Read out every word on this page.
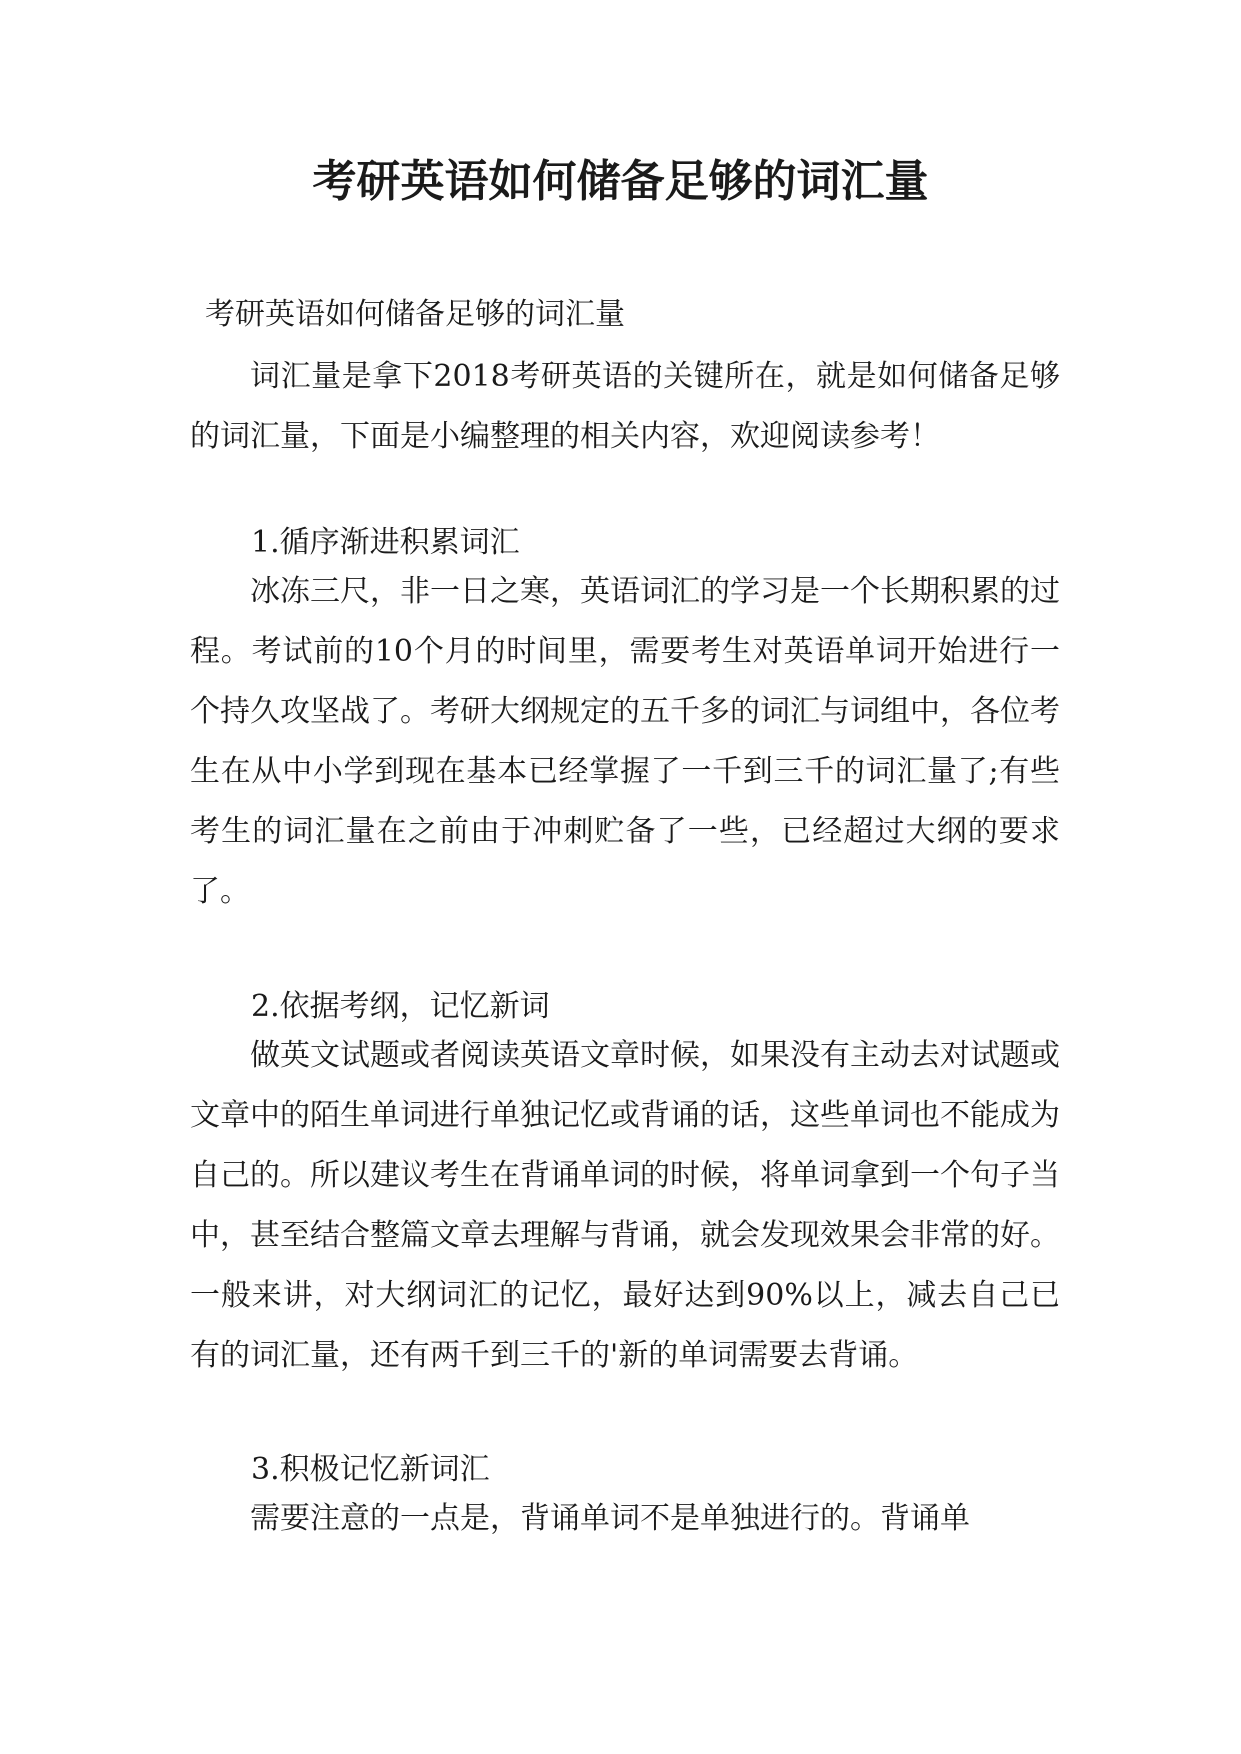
考研英语如何储备足够的词汇量

考研英语如何储备足够的词汇量

词汇量是拿下2018考研英语的关键所在，就是如何储备足够的词汇量，下面是小编整理的相关内容，欢迎阅读参考！

1.循序渐进积累词汇

冰冻三尺，非一日之寒，英语词汇的学习是一个长期积累的过程。考试前的10个月的时间里，需要考生对英语单词开始进行一个持久攻坚战了。考研大纲规定的五千多的词汇与词组中，各位考生在从中小学到现在基本已经掌握了一千到三千的词汇量了;有些考生的词汇量在之前由于冲刺贮备了一些，已经超过大纲的要求了。

2.依据考纲，记忆新词

做英文试题或者阅读英语文章时候，如果没有主动去对试题或文章中的陌生单词进行单独记忆或背诵的话，这些单词也不能成为自己的。所以建议考生在背诵单词的时候，将单词拿到一个句子当中，甚至结合整篇文章去理解与背诵，就会发现效果会非常的好。一般来讲，对大纲词汇的记忆，最好达到90%以上，减去自己已有的词汇量，还有两千到三千的'新的单词需要去背诵。

3.积极记忆新词汇

需要注意的一点是，背诵单词不是单独进行的。背诵单
